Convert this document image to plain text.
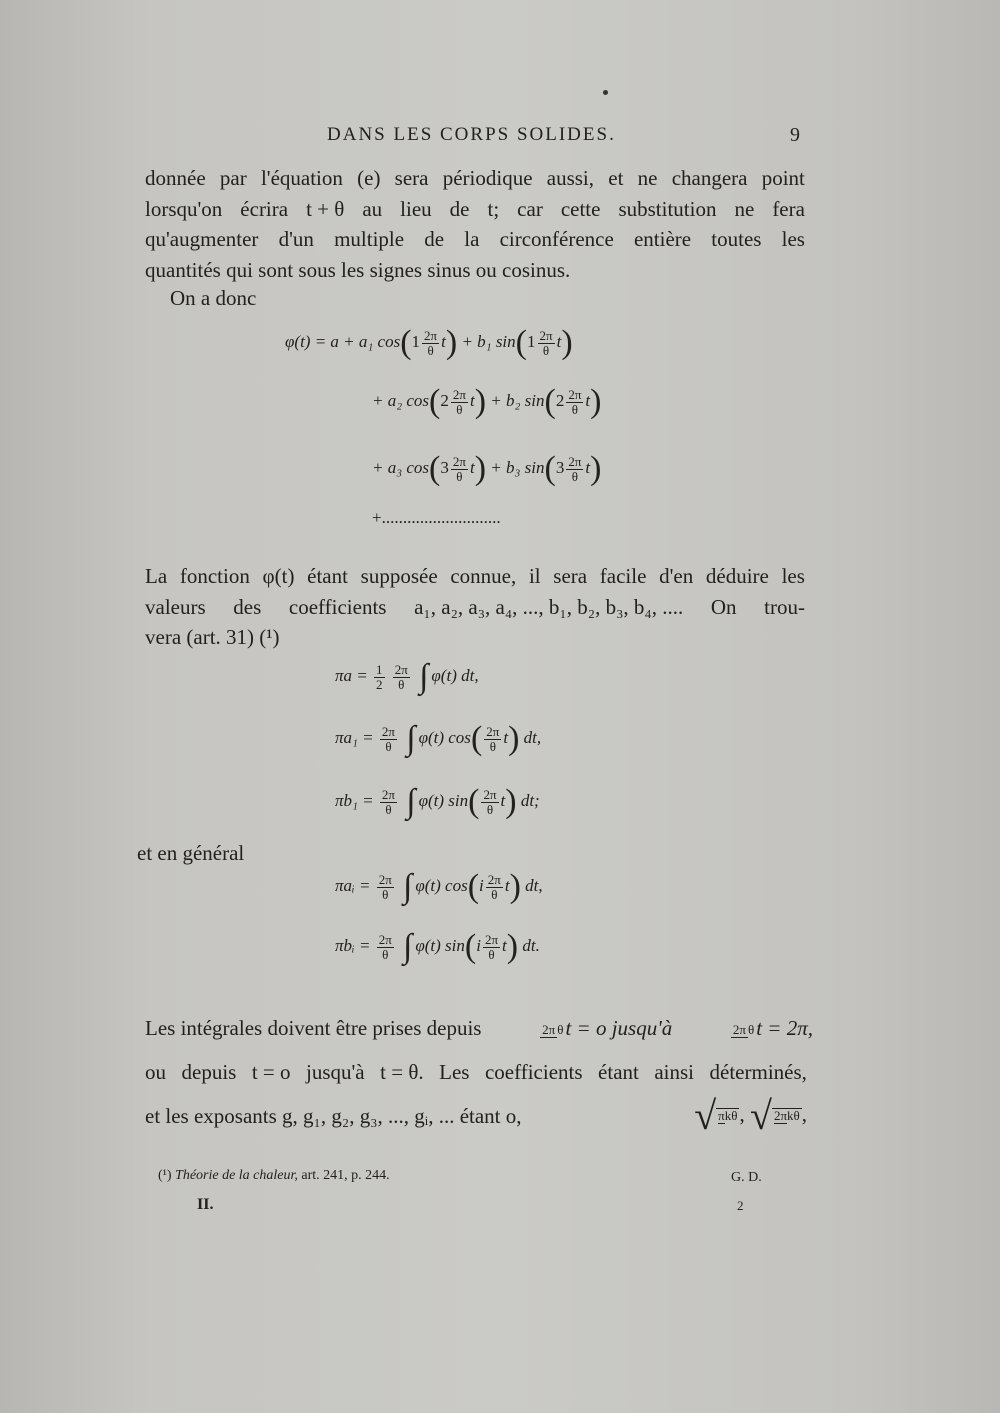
DANS LES CORPS SOLIDES.	9
donnée par l'équation (e) sera périodique aussi, et ne changera point
lorsqu'on écrira t + θ au lieu de t; car cette substitution ne fera
qu'augmenter d'un multiple de la circonférence entière toutes les
quantités qui sont sous les signes sinus ou cosinus.
On a donc
φ(t) = a + a₁ $\cos(1 \frac{2\pi}{\theta} t) + b_1$ $\sin(1 \frac{2\pi}{\theta} t)$
+ a₂ $\cos(2 \frac{2\pi}{\theta} t) + b_2$ $\sin(2 \frac{2\pi}{\theta} t)$
+ a₃ $\cos(3 \frac{2\pi}{\theta} t) + b_3$ $\sin(3 \frac{2\pi}{\theta} t)$
+............................
La fonction φ(t) étant supposée connue, il sera facile d'en déduire les
valeurs des coefficients a₁, a₂, a₃, a₄, ..., b₁, b₂, b₃, b₄, .... On trou-
vera (art. 31) (¹)
$\pi a = \frac{1}{2}$
$\frac{2\pi}{\theta}$ ∫ φ(t) dt,
$\pi a_1 = \frac{2\pi}{\theta}$ ∫ φ(t) $\cos( \frac{2\pi}{\theta} t)$ dt,
$\pi b_1 = \frac{2\pi}{\theta}$ ∫ φ(t) $\sin( \frac{2\pi}{\theta} t)$ dt;
et en général
πaᵢ = $\frac{2\pi}{\theta}$ ∫ φ(t) $\cos(i \frac{2\pi}{\theta} t)$ dt,
πbᵢ = $\frac{2\pi}{\theta}$ ∫ φ(t) $\sin(i \frac{2\pi}{\theta} t)$ dt.
Les intégrales doivent être prises depuis	2π θt = o jusqu'à	2π θt = 2π,
ou depuis t = o jusqu'à t = θ. Les coefficients étant ainsi déterminés,
et les exposants g, g₁, g₂, g₃, ..., gᵢ, ... étant o,	√ πkθ, √ 2πkθ,
(¹) Théorie de la chaleur, art. 241, p. 244.	G. D.
II.	2
